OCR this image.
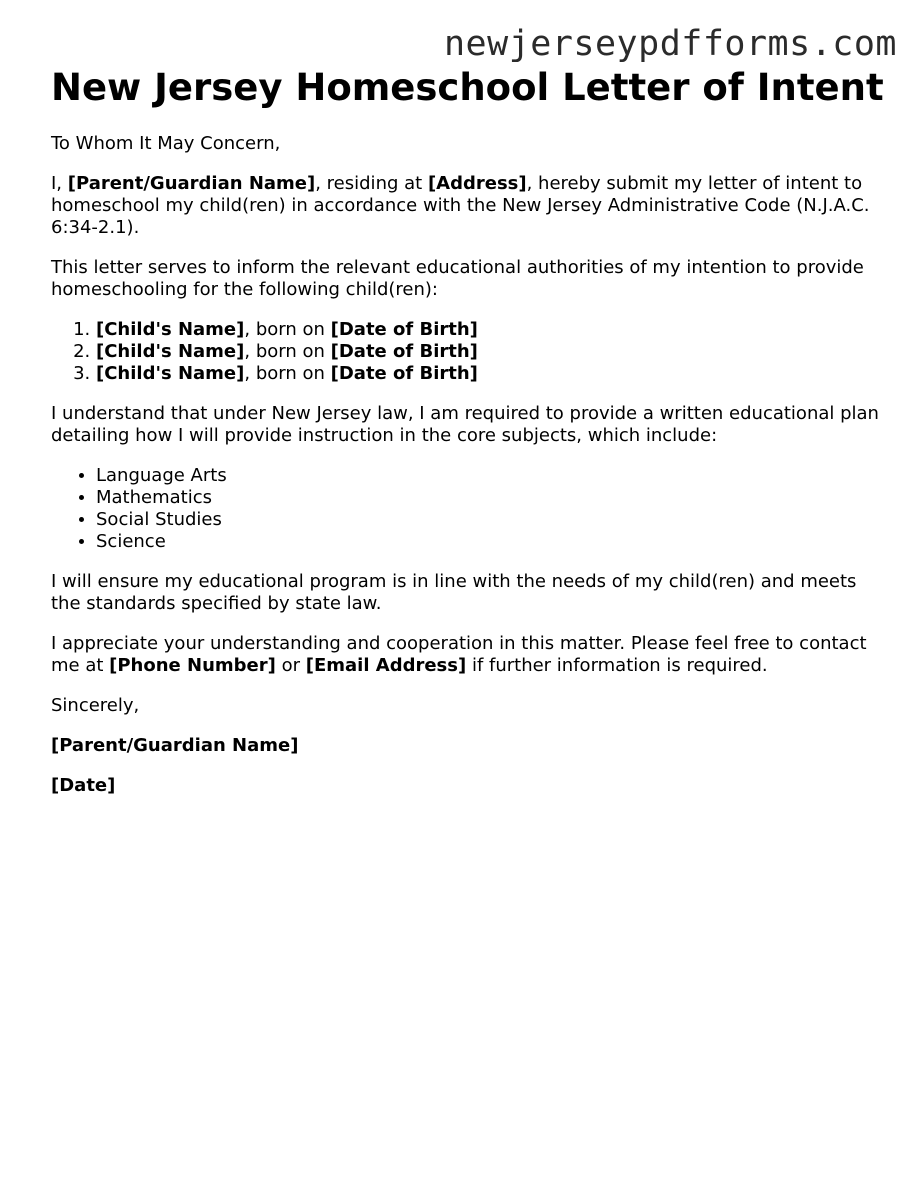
newjerseypdfforms.com
New Jersey Homeschool Letter of Intent

To Whom It May Concern,

I, [Parent/Guardian Name], residing at [Address], hereby submit my letter of intent to homeschool my child(ren) in accordance with the New Jersey Administrative Code (N.J.A.C. 6:34-2.1).

This letter serves to inform the relevant educational authorities of my intention to provide homeschooling for the following child(ren):

1. [Child's Name], born on [Date of Birth]
2. [Child's Name], born on [Date of Birth]
3. [Child's Name], born on [Date of Birth]

I understand that under New Jersey law, I am required to provide a written educational plan detailing how I will provide instruction in the core subjects, which include:

• Language Arts
• Mathematics
• Social Studies
• Science

I will ensure my educational program is in line with the needs of my child(ren) and meets the standards specified by state law.

I appreciate your understanding and cooperation in this matter. Please feel free to contact me at [Phone Number] or [Email Address] if further information is required.

Sincerely,

[Parent/Guardian Name]

[Date]
